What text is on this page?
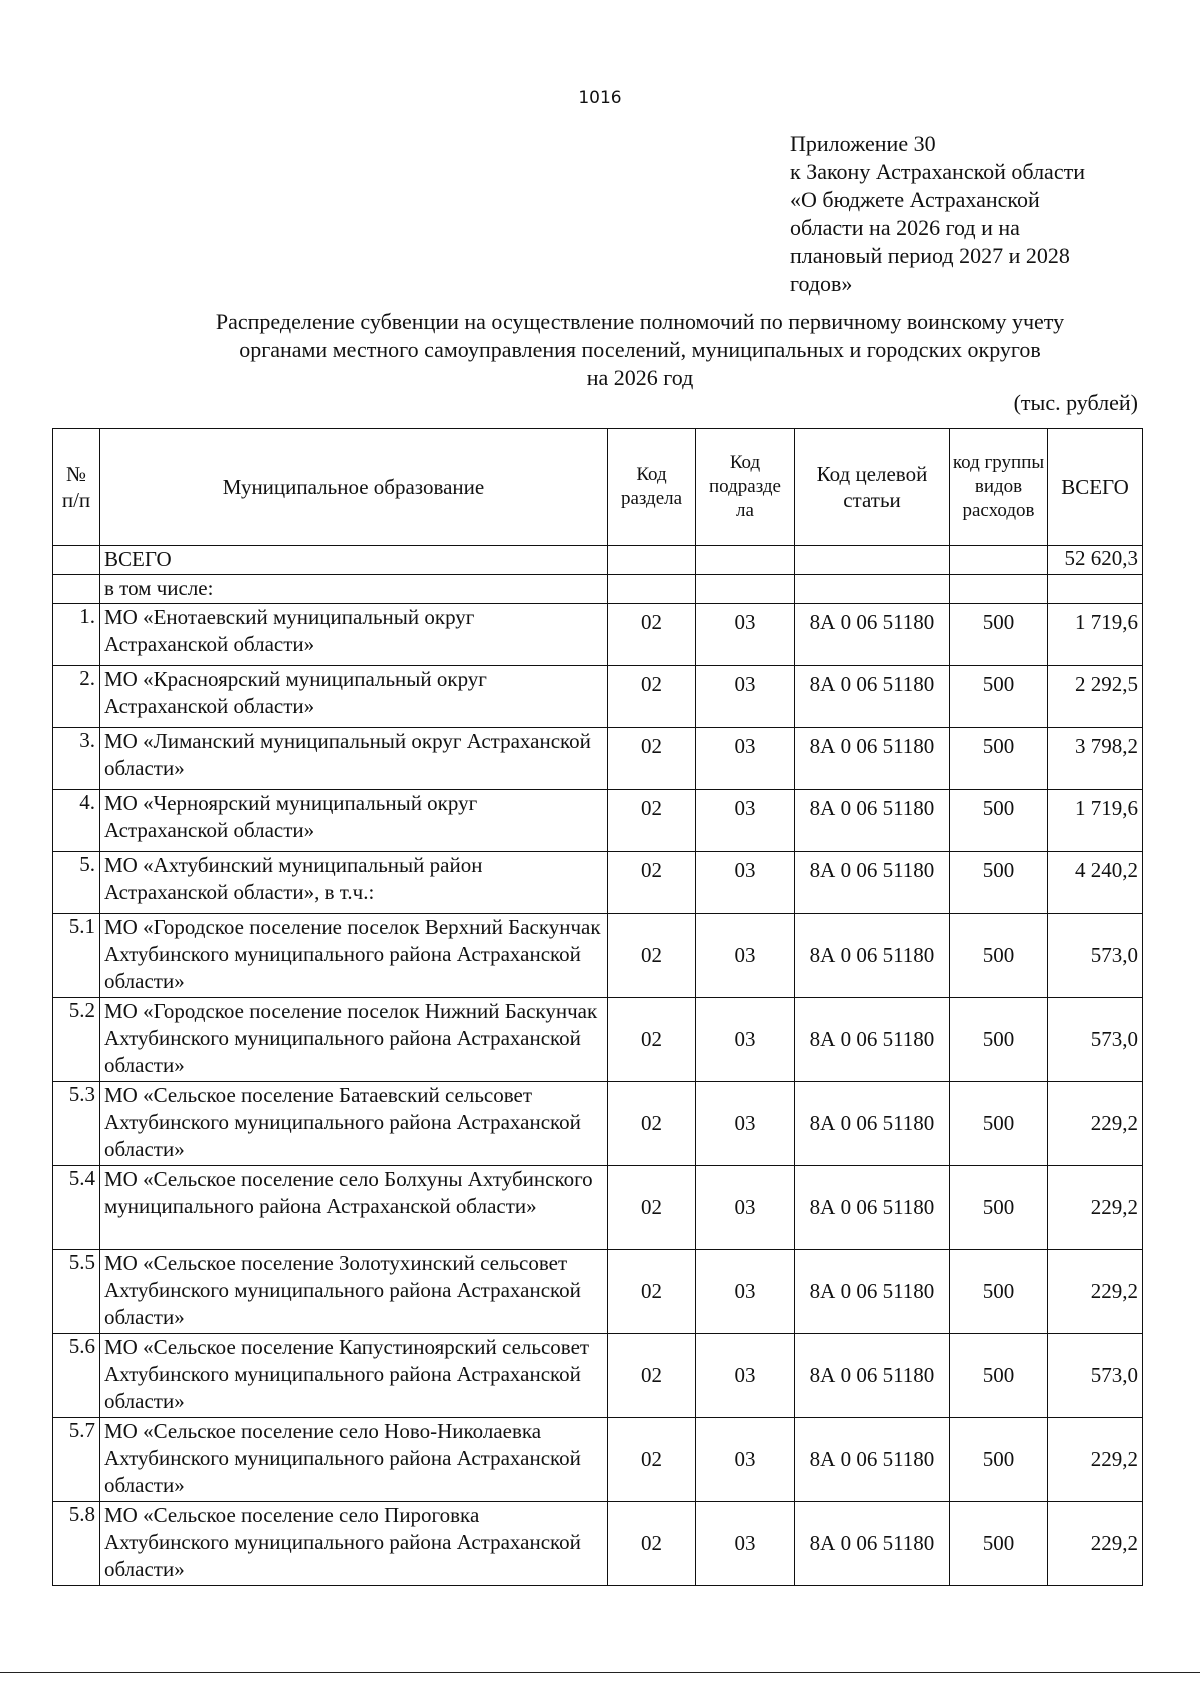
1016
Приложение 30
к Закону Астраханской области
«О бюджете Астраханской
области на 2026 год и на
плановый период 2027 и 2028
годов»
Распределение субвенции на осуществление полномочий по первичному воинскому учету
органами местного самоуправления поселений, муниципальных и городских округов
на 2026 год
(тыс. рублей)
№ п/п	Муниципальное образование	Код раздела	Код подразде ла	Код целевой статьи	код группы видов расходов	ВСЕГО
	ВСЕГО					52 620,3
	в том числе:					
1.	МО «Енотаевский муниципальный округ Астраханской области»	02	03	8А 0 06 51180	500	1 719,6
2.	МО «Красноярский муниципальный округ Астраханской области»	02	03	8А 0 06 51180	500	2 292,5
3.	МО «Лиманский муниципальный округ Астраханской области»	02	03	8А 0 06 51180	500	3 798,2
4.	МО «Черноярский муниципальный округ Астраханской области»	02	03	8А 0 06 51180	500	1 719,6
5.	МО «Ахтубинский муниципальный район Астраханской области», в т.ч.:	02	03	8А 0 06 51180	500	4 240,2
5.1	МО «Городское поселение поселок Верхний Баскунчак Ахтубинского муниципального района Астраханской области»	02	03	8А 0 06 51180	500	573,0
5.2	МО «Городское поселение поселок Нижний Баскунчак Ахтубинского муниципального района Астраханской области»	02	03	8А 0 06 51180	500	573,0
5.3	МО «Сельское поселение Батаевский сельсовет Ахтубинского муниципального района Астраханской области»	02	03	8А 0 06 51180	500	229,2
5.4	МО «Сельское поселение село Болхуны Ахтубинского муниципального района Астраханской области»	02	03	8А 0 06 51180	500	229,2
5.5	МО «Сельское поселение Золотухинский сельсовет Ахтубинского муниципального района Астраханской области»	02	03	8А 0 06 51180	500	229,2
5.6	МО «Сельское поселение Капустиноярский сельсовет Ахтубинского муниципального района Астраханской области»	02	03	8А 0 06 51180	500	573,0
5.7	МО «Сельское поселение село Ново-Николаевка Ахтубинского муниципального района Астраханской области»	02	03	8А 0 06 51180	500	229,2
5.8	МО «Сельское поселение село Пироговка Ахтубинского муниципального района Астраханской области»	02	03	8А 0 06 51180	500	229,2
